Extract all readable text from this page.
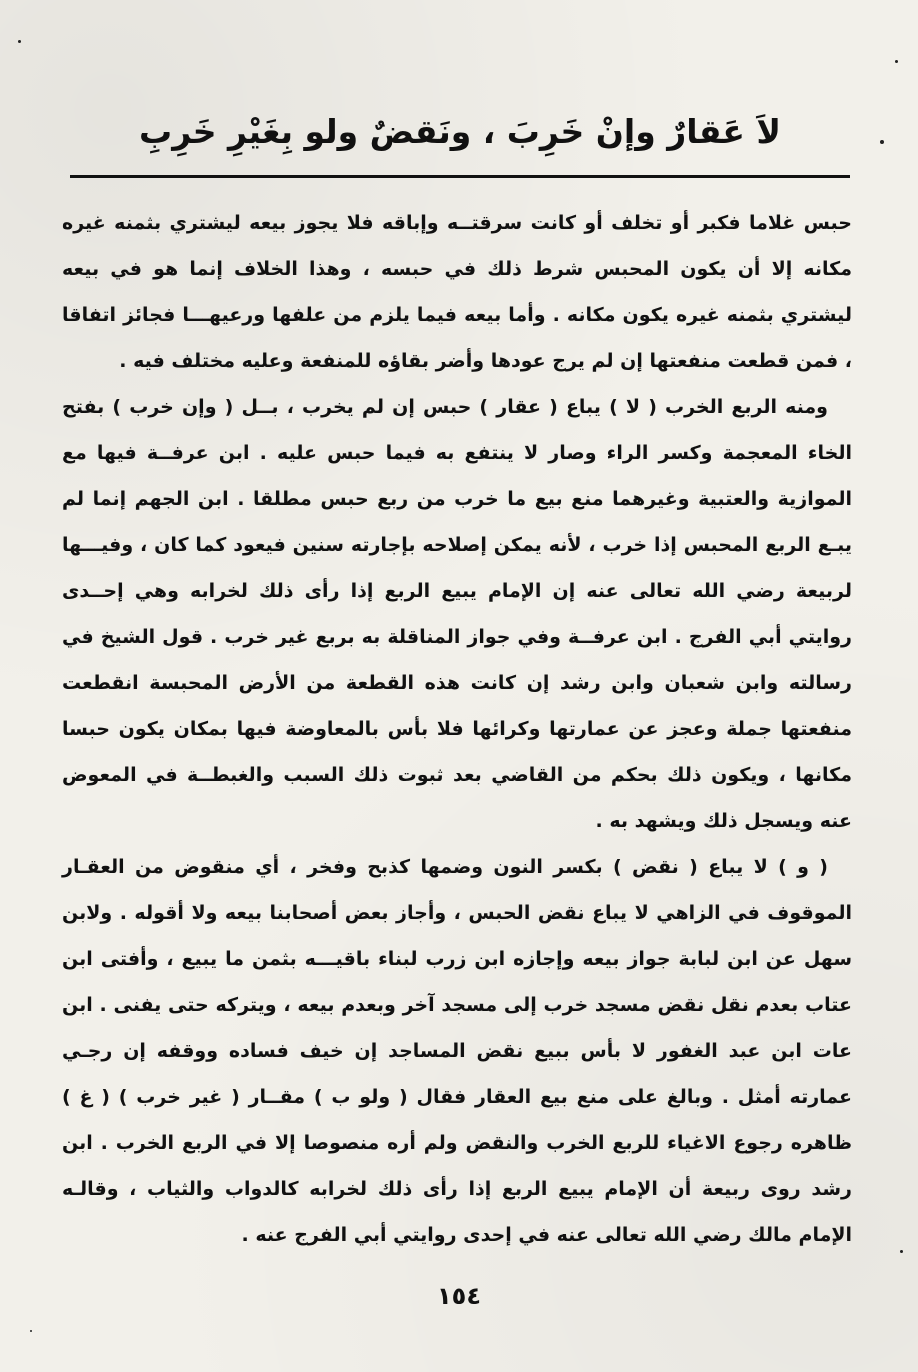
لاَ عَقارٌ وإنْ خَرِبَ ، ونَقضٌ ولو بِغَيْرِ خَرِبِ

حبس غلاما فكبر أو تخلف أو كانت سرقتــه وإباقه فلا يجوز بيعه ليشتري بثمنه غيره مكانه إلا أن يكون المحبس شرط ذلك في حبسه ، وهذا الخلاف إنما هو في بيعه ليشتري بثمنه غيره يكون مكانه . وأما بيعه فيما يلزم من علفها ورعيهـــا فجائز اتفاقا ، فمن قطعت منفعتها إن لم يرج عودها وأضر بقاؤه للمنفعة وعليه مختلف فيه .

ومنه الربع الخرب ( لا ) يباع ( عقار ) حبس إن لم يخرب ، بــل ( وإن خرب ) بفتح الخاء المعجمة وكسر الراء وصار لا ينتفع به فيما حبس عليه . ابن عرفــة فيها مع الموازية والعتبية وغيرهما منع بيع ما خرب من ربع حبس مطلقا . ابن الجهم إنما لم يبـع الربع المحبس إذا خرب ، لأنه يمكن إصلاحه بإجارته سنين فيعود كما كان ، وفيـــها لربيعة رضي الله تعالى عنه إن الإمام يبيع الربع إذا رأى ذلك لخرابه وهي إحــدى روايتي أبي الفرج . ابن عرفــة وفي جواز المناقلة به بربع غير خرب . قول الشيخ في رسالته وابن شعبان وابن رشد إن كانت هذه القطعة من الأرض المحبسة انقطعت منفعتها جملة وعجز عن عمارتها وكرائها فلا بأس بالمعاوضة فيها بمكان يكون حبسا مكانها ، ويكون ذلك بحكم من القاضي بعد ثبوت ذلك السبب والغبطــة في المعوض عنه ويسجل ذلك ويشهد به .

( و ) لا يباع ( نقض ) بكسر النون وضمها كذبح وفخر ، أي منقوض من العقـار الموقوف في الزاهي لا يباع نقض الحبس ، وأجاز بعض أصحابنا بيعه ولا أقوله . ولابن سهل عن ابن لبابة جواز بيعه وإجازه ابن زرب لبناء باقيـــه بثمن ما يبيع ، وأفتى ابن عتاب بعدم نقل نقض مسجد خرب إلى مسجد آخر وبعدم بيعه ، ويتركه حتى يفنى . ابن عات ابن عبد الغفور لا بأس ببيع نقض المساجد إن خيف فساده ووقفه إن رجـي عمارته أمثل . وبالغ على منع بيع العقار فقال ( ولو ب ) مقــار ( غير خرب ) ( غ ) ظاهره رجوع الاغياء للربع الخرب والنقض ولم أره منصوصا إلا في الربع الخرب . ابن رشد روى ربيعة أن الإمام يبيع الربع إذا رأى ذلك لخرابه كالدواب والثياب ، وقالـه الإمام مالك رضي الله تعالى عنه في إحدى روايتي أبي الفرج عنه .

١٥٤
